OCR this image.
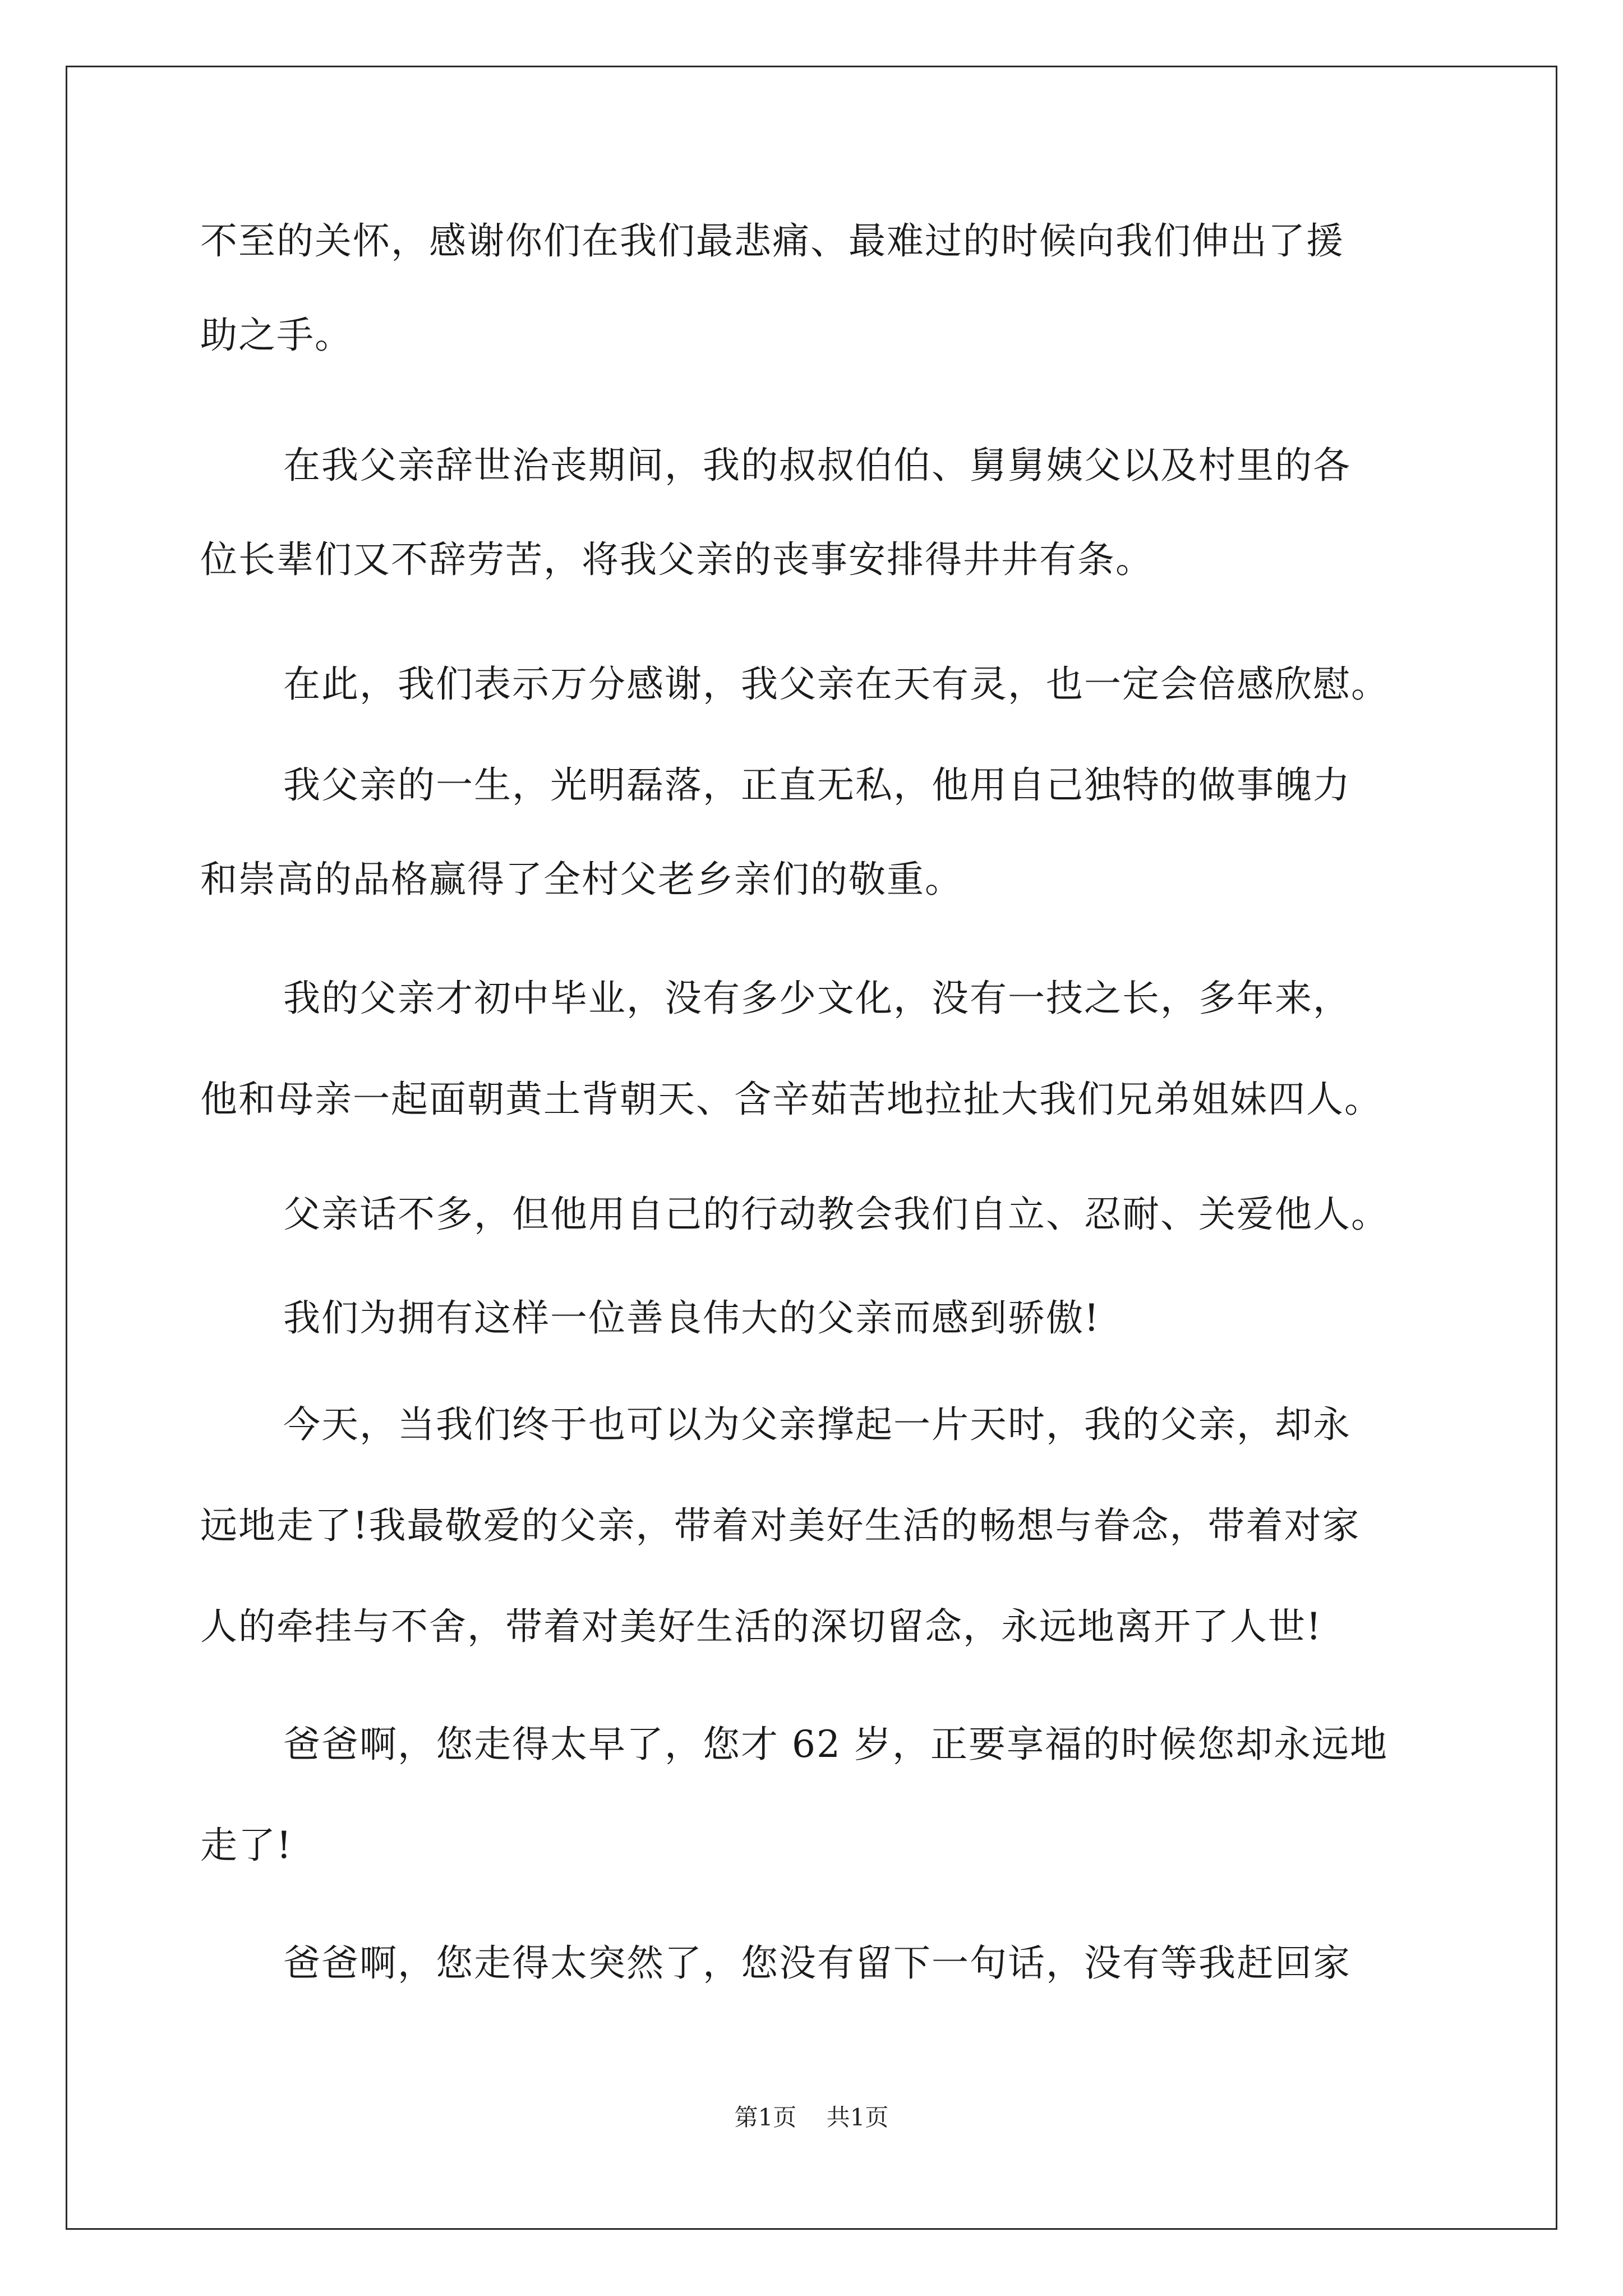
不至的关怀，感谢你们在我们最悲痛、最难过的时候向我们伸出了援
助之手。
在我父亲辞世治丧期间，我的叔叔伯伯、舅舅姨父以及村里的各
位长辈们又不辞劳苦，将我父亲的丧事安排得井井有条。
在此，我们表示万分感谢，我父亲在天有灵，也一定会倍感欣慰。
我父亲的一生，光明磊落，正直无私，他用自己独特的做事魄力
和崇高的品格赢得了全村父老乡亲们的敬重。
我的父亲才初中毕业，没有多少文化，没有一技之长，多年来，
他和母亲一起面朝黄土背朝天、含辛茹苦地拉扯大我们兄弟姐妹四人。
父亲话不多，但他用自己的行动教会我们自立、忍耐、关爱他人。
我们为拥有这样一位善良伟大的父亲而感到骄傲!
今天，当我们终于也可以为父亲撑起一片天时，我的父亲，却永
远地走了!我最敬爱的父亲，带着对美好生活的畅想与眷念，带着对家
人的牵挂与不舍，带着对美好生活的深切留念，永远地离开了人世!
爸爸啊，您走得太早了，您才 62 岁，正要享福的时候您却永远地
走了!
爸爸啊，您走得太突然了，您没有留下一句话，没有等我赶回家
第1页 共1页
